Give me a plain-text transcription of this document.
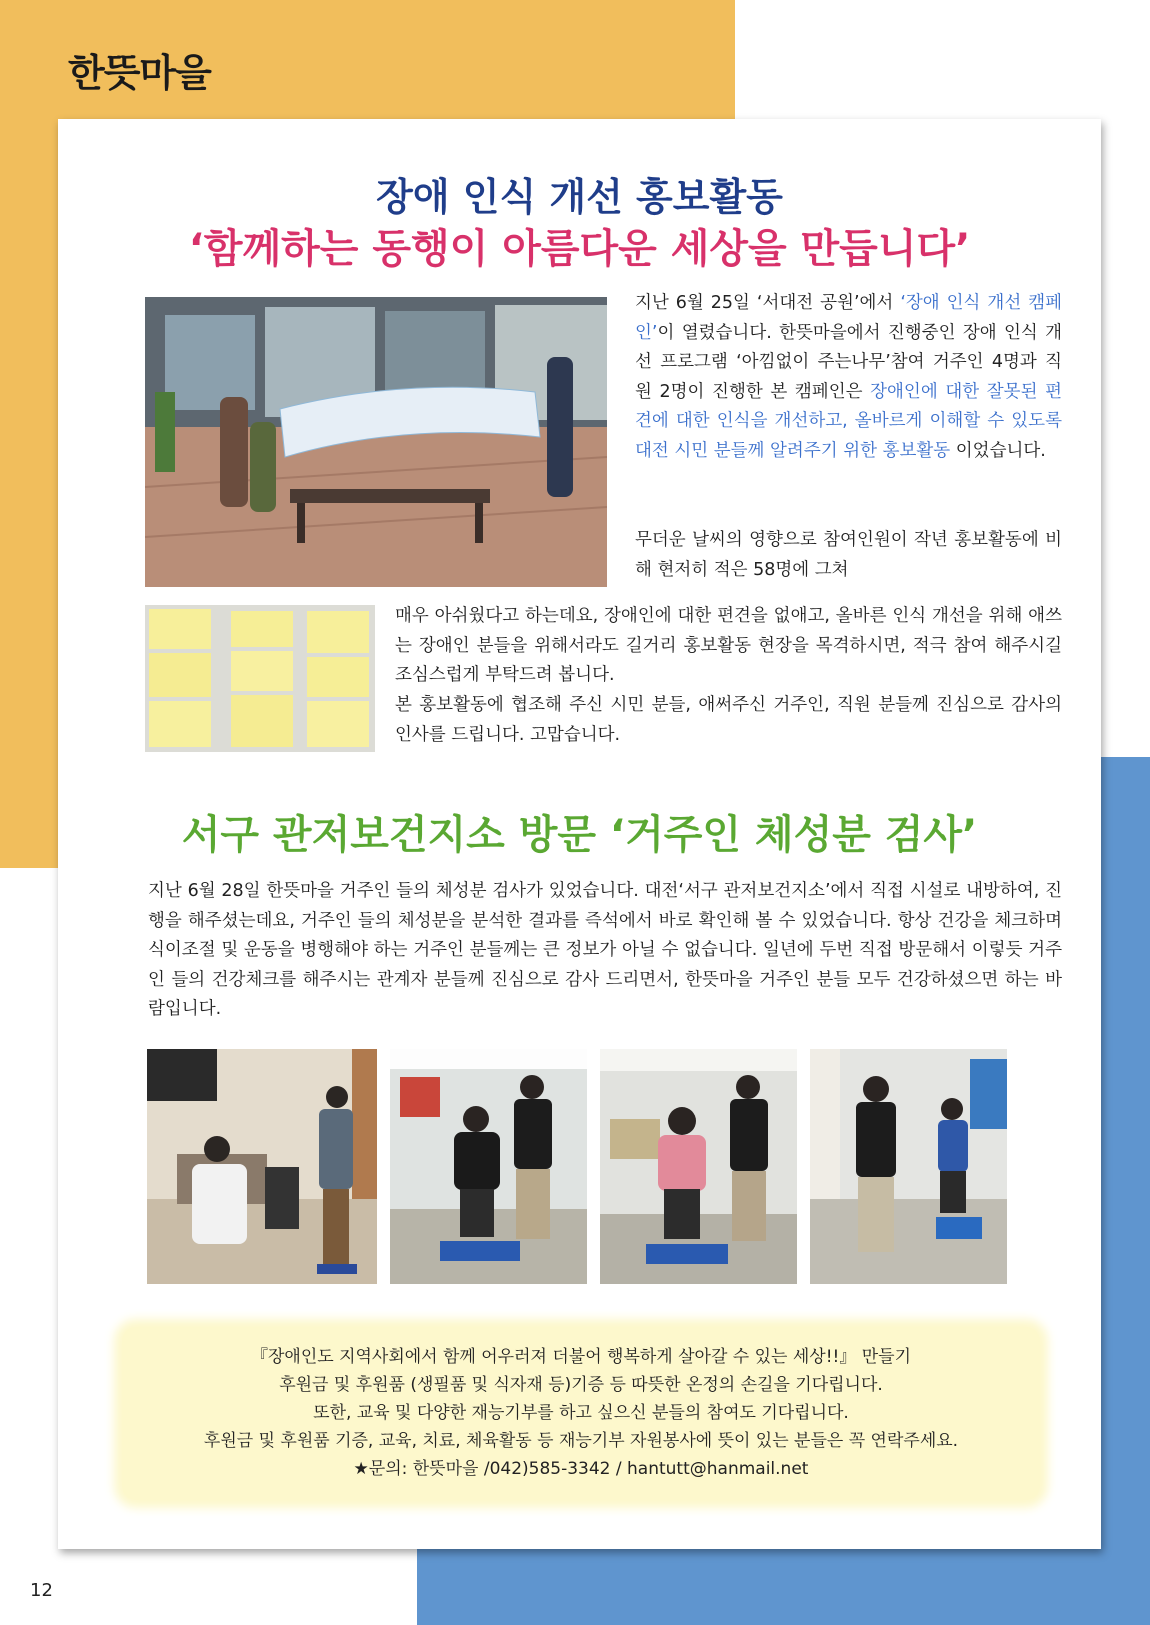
한뜻마을
12
장애 인식 개선 홍보활동
‘함께하는 동행이 아름다운 세상을 만듭니다’
지난 6월 25일 ‘서대전 공원’에서 ‘장애 인식 개선 캠페인’이 열렸습니다. 한뜻마을에서 진행중인 장애 인식 개선 프로그램 ‘아낌없이 주는나무’참여 거주인 4명과 직원 2명이 진행한 본 캠페인은 장애인에 대한 잘못된 편견에 대한 인식을 개선하고, 올바르게 이해할 수 있도록 대전 시민 분들께 알려주기 위한 홍보활동 이었습니다.
무더운 날씨의 영향으로 참여인원이 작년 홍보활동에 비해 현저히 적은 58명에 그쳐
매우 아쉬웠다고 하는데요, 장애인에 대한 편견을 없애고, 올바른 인식 개선을 위해 애쓰는 장애인 분들을 위해서라도 길거리 홍보활동 현장을 목격하시면, 적극 참여 해주시길 조심스럽게 부탁드려 봅니다.
본 홍보활동에 협조해 주신 시민 분들, 애써주신 거주인, 직원 분들께 진심으로 감사의 인사를 드립니다. 고맙습니다.
서구 관저보건지소 방문 ‘거주인 체성분 검사’
지난 6월 28일 한뜻마을 거주인 들의 체성분 검사가 있었습니다. 대전‘서구 관저보건지소’에서 직접 시설로 내방하여, 진행을 해주셨는데요, 거주인 들의 체성분을 분석한 결과를 즉석에서 바로 확인해 볼 수 있었습니다. 항상 건강을 체크하며 식이조절 및 운동을 병행해야 하는 거주인 분들께는 큰 정보가 아닐 수 없습니다. 일년에 두번 직접 방문해서 이렇듯 거주인 들의 건강체크를 해주시는 관계자 분들께 진심으로 감사 드리면서, 한뜻마을 거주인 분들 모두 건강하셨으면 하는 바람입니다.
『장애인도 지역사회에서 함께 어우러져 더불어 행복하게 살아갈 수 있는 세상!!』 만들기
후원금 및 후원품 (생필품 및 식자재 등)기증 등 따뜻한 온정의 손길을 기다립니다.
또한, 교육 및 다양한 재능기부를 하고 싶으신 분들의 참여도 기다립니다.
후원금 및 후원품 기증, 교육, 치료, 체육활동 등 재능기부 자원봉사에 뜻이 있는 분들은 꼭 연락주세요.
★문의: 한뜻마을 /042)585-3342 / hantutt@hanmail.net
